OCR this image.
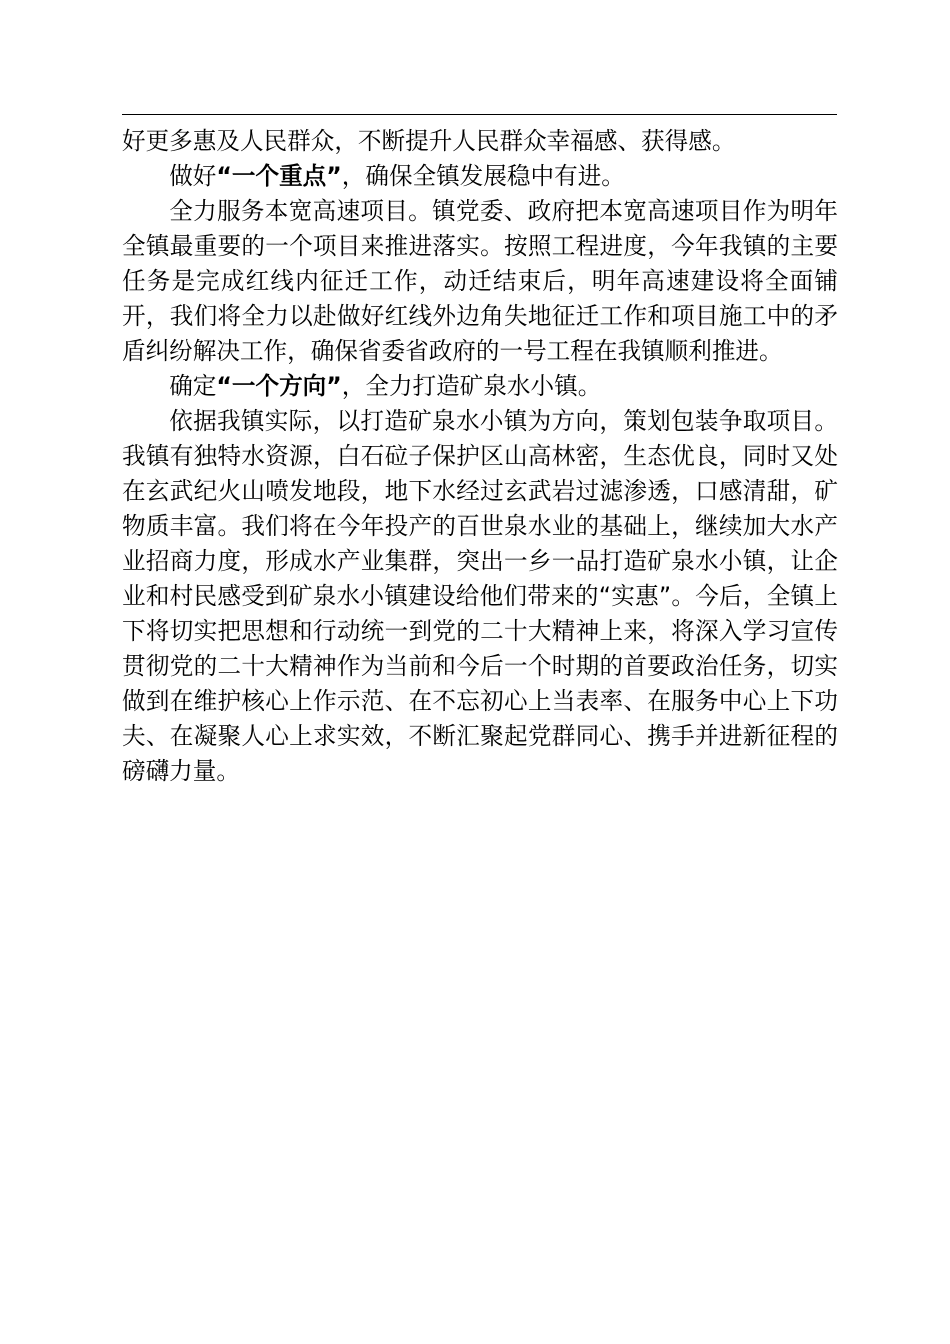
好更多惠及人民群众，不断提升人民群众幸福感、获得感。

做好“一个重点”，确保全镇发展稳中有进。

全力服务本宽高速项目。镇党委、政府把本宽高速项目作为明年全镇最重要的一个项目来推进落实。按照工程进度，今年我镇的主要任务是完成红线内征迁工作，动迁结束后，明年高速建设将全面铺开，我们将全力以赴做好红线外边角失地征迁工作和项目施工中的矛盾纠纷解决工作，确保省委省政府的一号工程在我镇顺利推进。

确定“一个方向”，全力打造矿泉水小镇。

依据我镇实际，以打造矿泉水小镇为方向，策划包装争取项目。我镇有独特水资源，白石砬子保护区山高林密，生态优良，同时又处在玄武纪火山喷发地段，地下水经过玄武岩过滤渗透，口感清甜，矿物质丰富。我们将在今年投产的百世泉水业的基础上，继续加大水产业招商力度，形成水产业集群，突出一乡一品打造矿泉水小镇，让企业和村民感受到矿泉水小镇建设给他们带来的“实惠”。今后，全镇上下将切实把思想和行动统一到党的二十大精神上来，将深入学习宣传贯彻党的二十大精神作为当前和今后一个时期的首要政治任务，切实做到在维护核心上作示范、在不忘初心上当表率、在服务中心上下功夫、在凝聚人心上求实效，不断汇聚起党群同心、携手并进新征程的磅礴力量。
